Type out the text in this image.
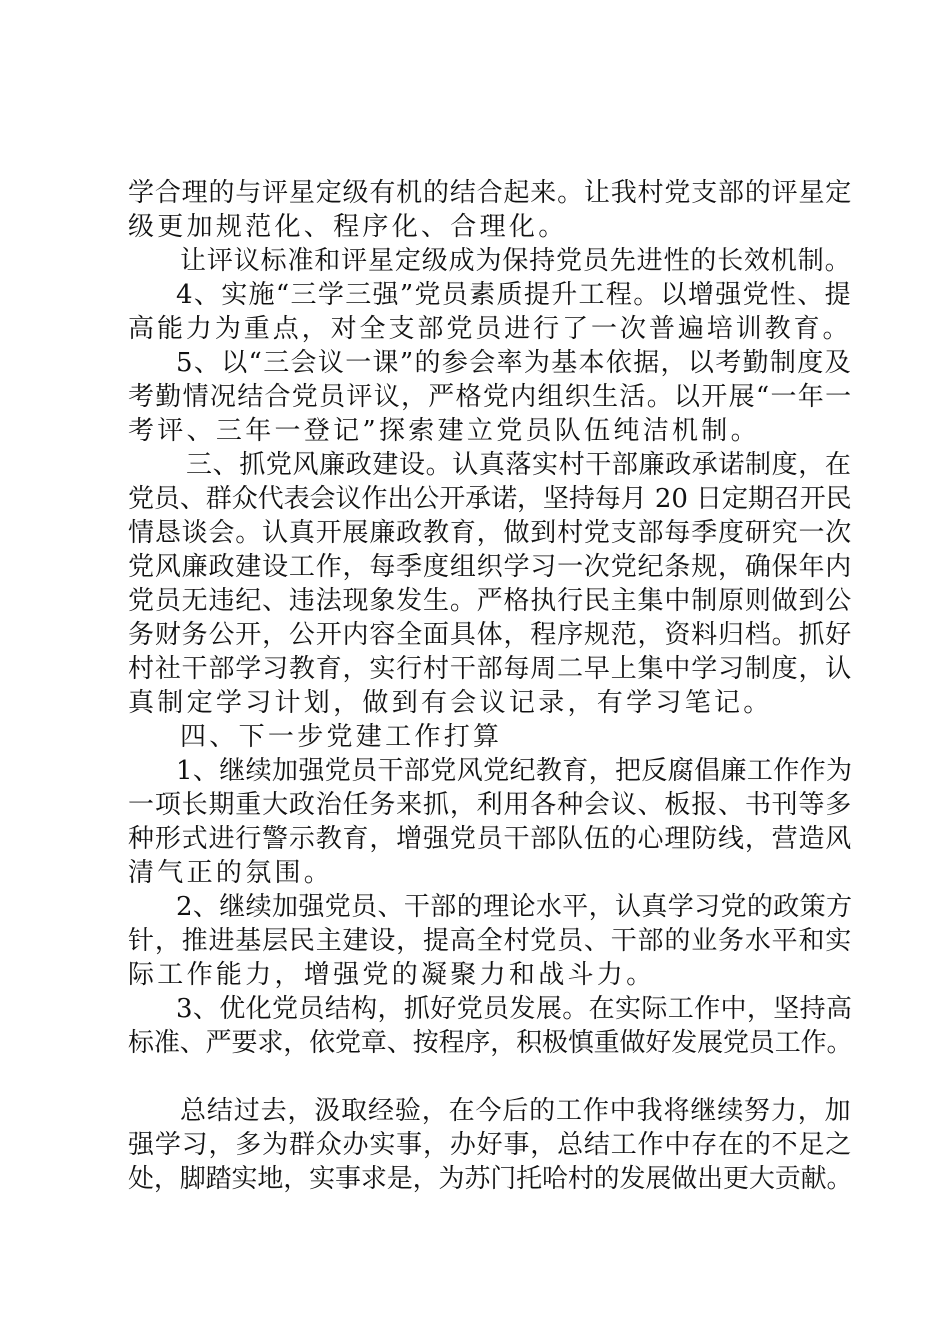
学合理的与评星定级有机的结合起来。让我村党支部的评星定
级更加规范化、程序化、合理化。
让评议标准和评星定级成为保持党员先进性的长效机制。
4、实施“三学三强”党员素质提升工程。以增强党性、提
高能力为重点，对全支部党员进行了一次普遍培训教育。
5、以“三会议一课”的参会率为基本依据，以考勤制度及
考勤情况结合党员评议，严格党内组织生活。以开展“一年一
考评、三年一登记”探索建立党员队伍纯洁机制。
三、抓党风廉政建设。认真落实村干部廉政承诺制度，在
党员、群众代表会议作出公开承诺，坚持每月 20 日定期召开民
情恳谈会。认真开展廉政教育，做到村党支部每季度研究一次
党风廉政建设工作，每季度组织学习一次党纪条规，确保年内
党员无违纪、违法现象发生。严格执行民主集中制原则做到公
务财务公开，公开内容全面具体，程序规范，资料归档。抓好
村社干部学习教育，实行村干部每周二早上集中学习制度，认
真制定学习计划，做到有会议记录，有学习笔记。
四、下一步党建工作打算
1、继续加强党员干部党风党纪教育，把反腐倡廉工作作为
一项长期重大政治任务来抓，利用各种会议、板报、书刊等多
种形式进行警示教育，增强党员干部队伍的心理防线，营造风
清气正的氛围。
2、继续加强党员、干部的理论水平，认真学习党的政策方
针，推进基层民主建设，提高全村党员、干部的业务水平和实
际工作能力，增强党的凝聚力和战斗力。
3、优化党员结构，抓好党员发展。在实际工作中，坚持高
标准、严要求，依党章、按程序，积极慎重做好发展党员工作。
总结过去，汲取经验，在今后的工作中我将继续努力，加
强学习，多为群众办实事，办好事，总结工作中存在的不足之
处，脚踏实地，实事求是，为苏门托哈村的发展做出更大贡献。
